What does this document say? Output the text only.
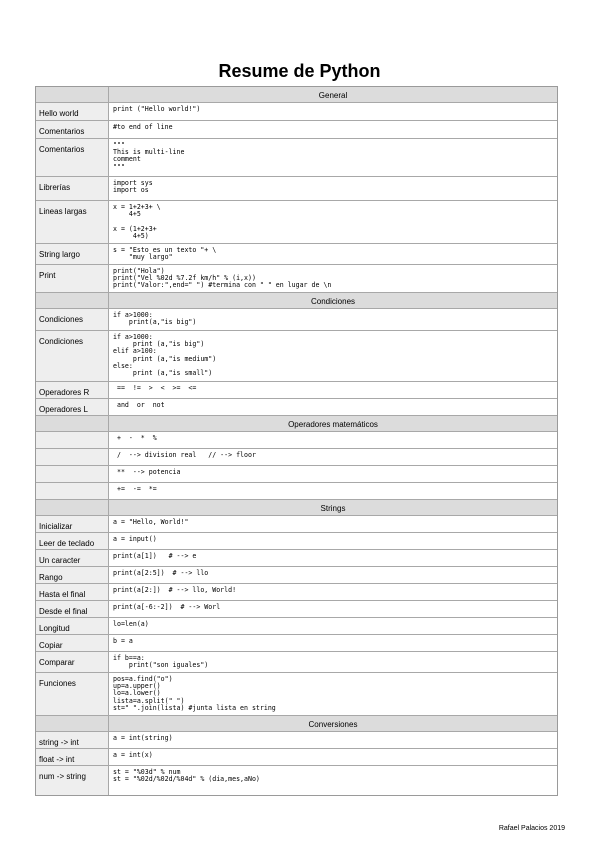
Resume de Python
General
Hello world	print ("Hello world!")
Comentarios	#to end of line
Comentarios	"""
This is multi-line
comment
"""
Librerías	import sys
import os
Lineas largas	x = 1+2+3+ \
4+5

x = (1+2+3+
4+5)
String largo	s = "Esto es un texto "+ \
"muy largo"
Print	print("Hola")
print("Vel %02d %7.2f km/h" % (i,x))
print("Valor:",end=" ") #termina con " " en lugar de \n
Condiciones
Condiciones	if a>1000:
print(a,"is big")
Condiciones	if a>1000:
print (a,"is big")
elif a>100:
print (a,"is medium")
else:
print (a,"is small")
Operadores R	==  !=  >  <  >=  <=
Operadores L	and  or  not
Operadores matemáticos
+  -  *  %
/  --> division real   // --> floor
**  --> potencia
+=  -=  *=
Strings
Inicializar	a = "Hello, World!"
Leer de teclado	a = input()
Un caracter	print(a[1])   # --> e
Rango	print(a[2:5])  # --> llo
Hasta el final	print(a[2:])  # --> llo, World!
Desde el final	print(a[-6:-2])  # --> Worl
Longitud	lo=len(a)
Copiar	b = a
Comparar	if b==a:
print("son iguales")
Funciones	pos=a.find("o")
up=a.upper()
lo=a.lower()
lista=a.split(" ")
st=" ".join(lista) #junta lista en string
Conversiones
string -> int	a = int(string)
float -> int	a = int(x)
num -> string	st = "%03d" % num
st = "%02d/%02d/%04d" % (dia,mes,aNo)
Rafael Palacios 2019
